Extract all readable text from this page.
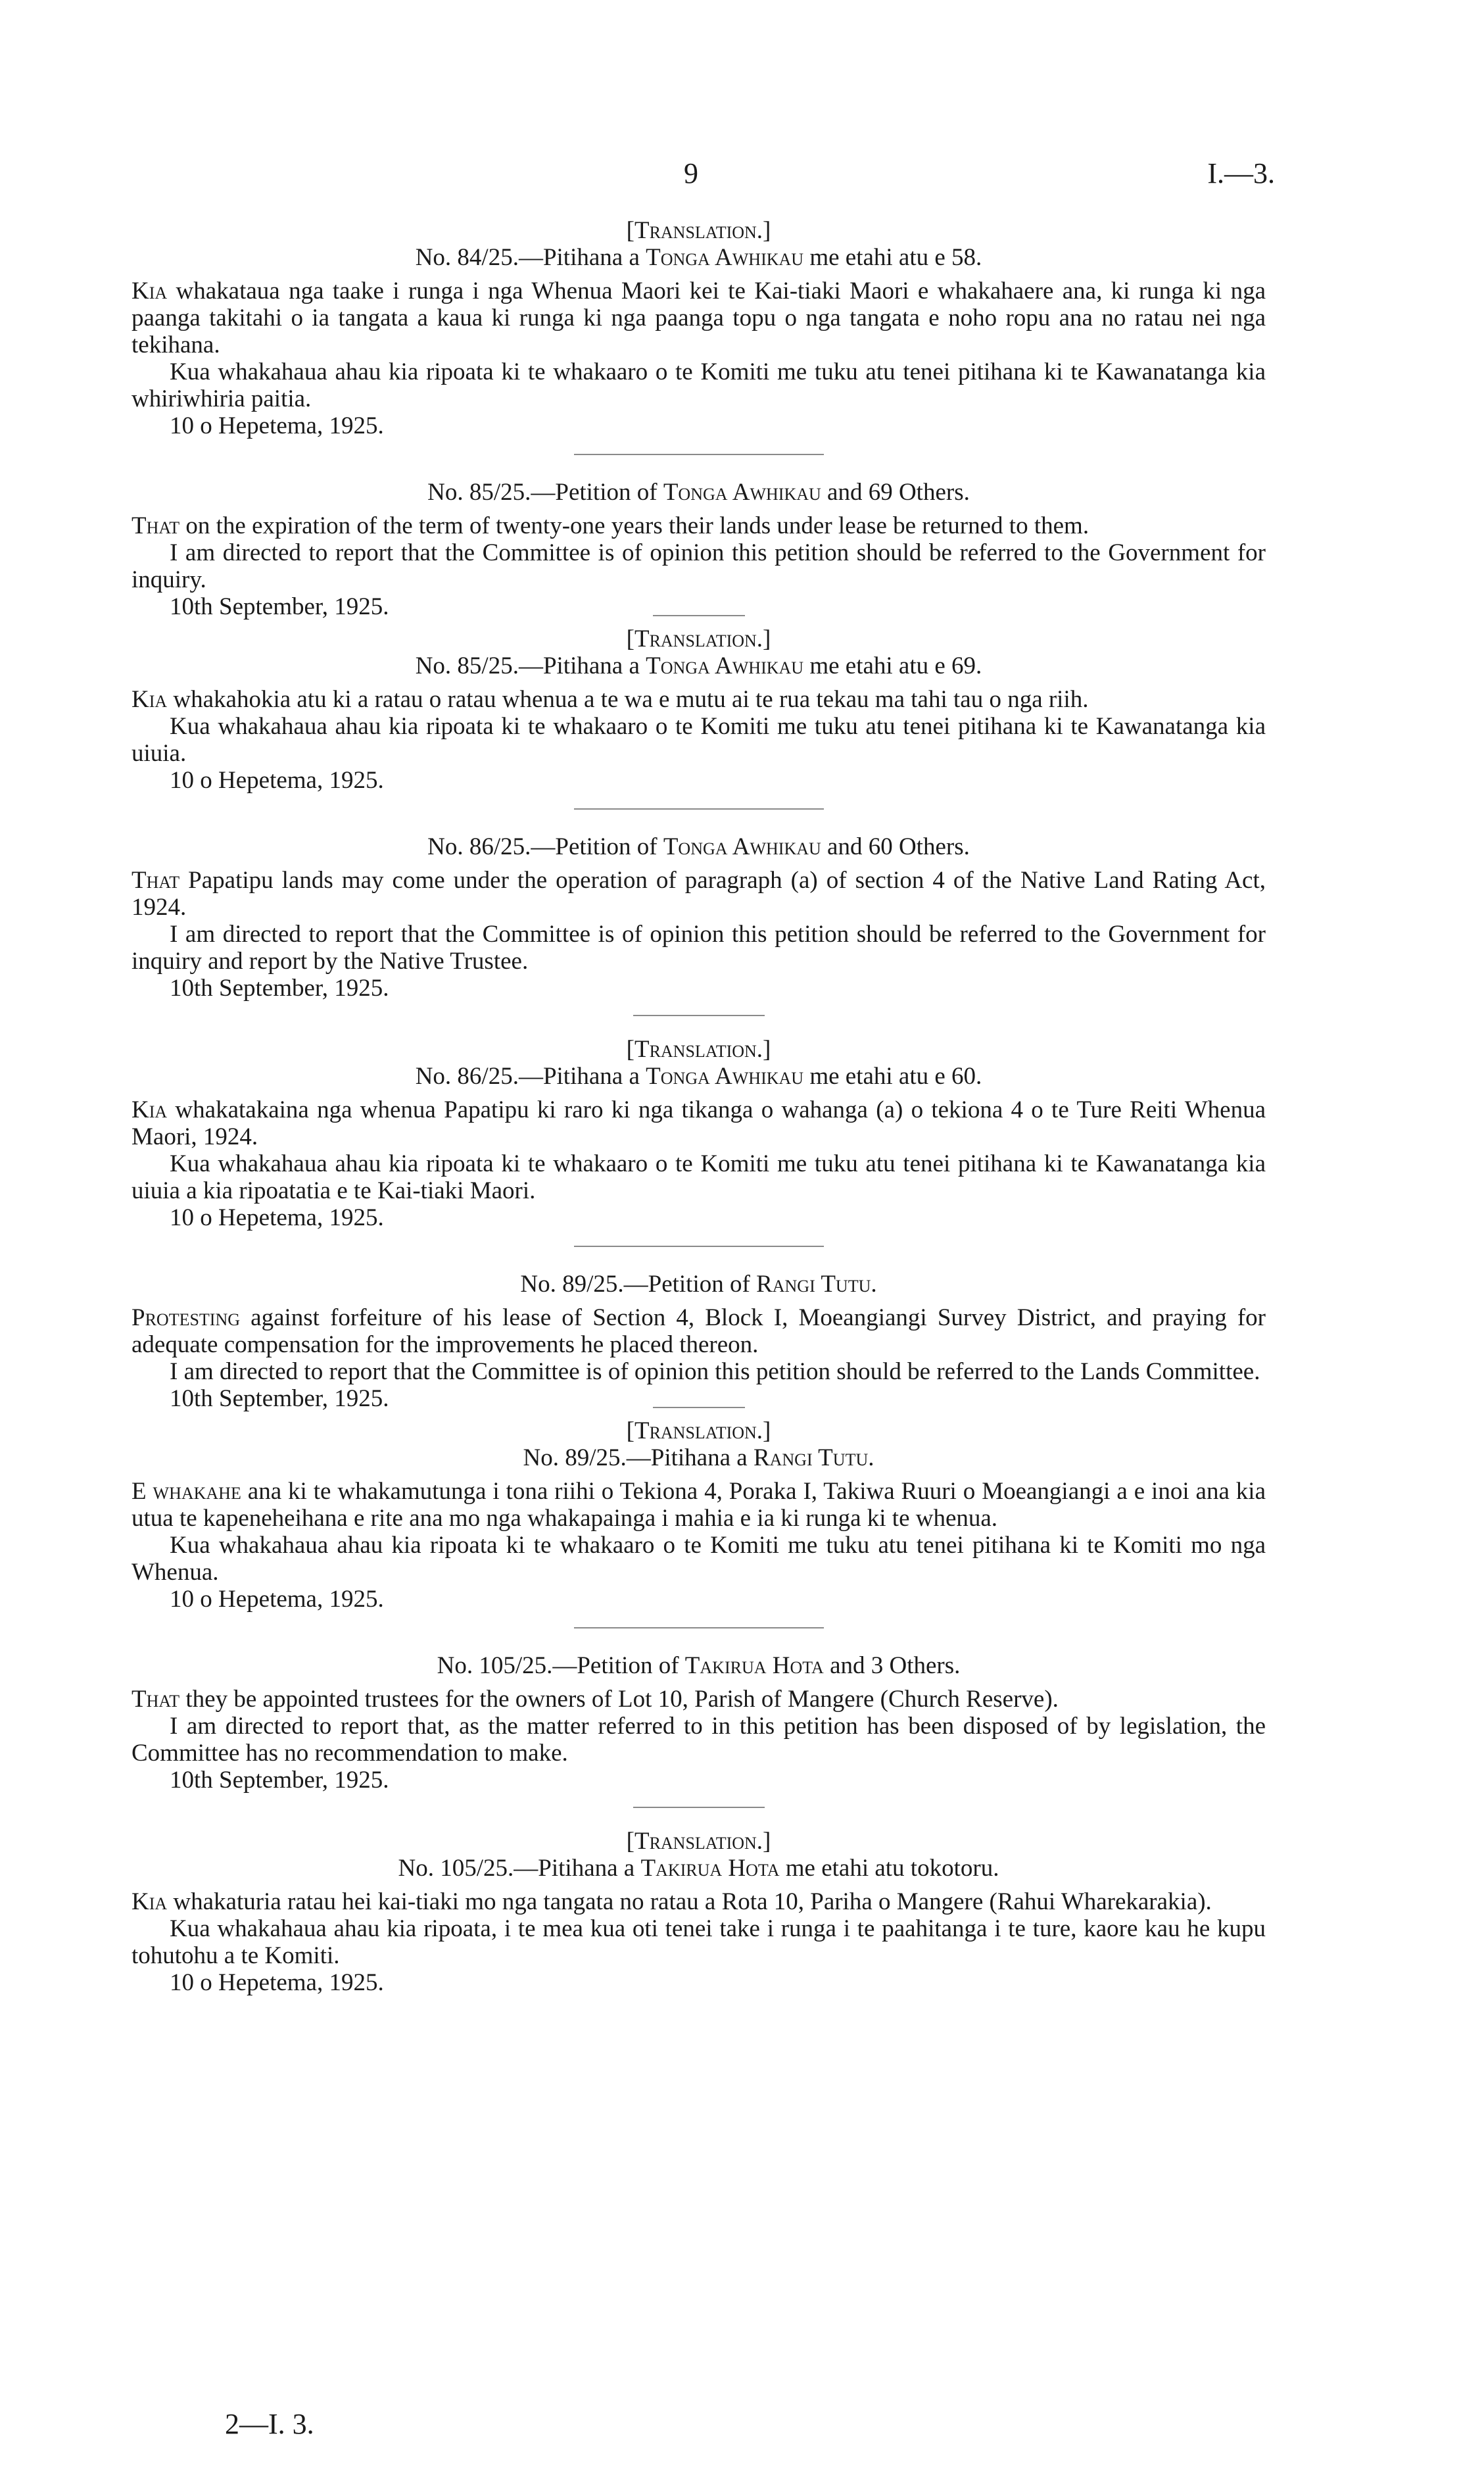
9	I.—3.
[Translation.]
No. 84/25.—Pitihana a Tonga Awhikau me etahi atu e 58.

Kia whakataua nga taake i runga i nga Whenua Maori kei te Kai-tiaki Maori e whakahaere ana, ki runga ki nga paanga takitahi o ia tangata a kaua ki runga ki nga paanga topu o nga tangata e noho ropu ana no ratau nei nga tekihana.

Kua whakahaua ahau kia ripoata ki te whakaaro o te Komiti me tuku atu tenei pitihana ki te Kawanatanga kia whiriwhiria paitia.

10 o Hepetema, 1925.
No. 85/25.—Petition of Tonga Awhikau and 69 Others.

That on the expiration of the term of twenty-one years their lands under lease be returned to them.

I am directed to report that the Committee is of opinion this petition should be referred to the Government for inquiry.

10th September, 1925.
[Translation.]
No. 85/25.—Pitihana a Tonga Awhikau me etahi atu e 69.

Kia whakahokia atu ki a ratau o ratau whenua a te wa e mutu ai te rua tekau ma tahi tau o nga riih.

Kua whakahaua ahau kia ripoata ki te whakaaro o te Komiti me tuku atu tenei pitihana ki te Kawanatanga kia uiuia.

10 o Hepetema, 1925.
No. 86/25.—Petition of Tonga Awhikau and 60 Others.

That Papatipu lands may come under the operation of paragraph (a) of section 4 of the Native Land Rating Act, 1924.

I am directed to report that the Committee is of opinion this petition should be referred to the Government for inquiry and report by the Native Trustee.

10th September, 1925.
[Translation.]
No. 86/25.—Pitihana a Tonga Awhikau me etahi atu e 60.

Kia whakatakaina nga whenua Papatipu ki raro ki nga tikanga o wahanga (a) o tekiona 4 o te Ture Reiti Whenua Maori, 1924.

Kua whakahaua ahau kia ripoata ki te whakaaro o te Komiti me tuku atu tenei pitihana ki te Kawanatanga kia uiuia a kia ripoatatia e te Kai-tiaki Maori.

10 o Hepetema, 1925.
No. 89/25.—Petition of Rangi Tutu.

Protesting against forfeiture of his lease of Section 4, Block I, Moeangiangi Survey District, and praying for adequate compensation for the improvements he placed thereon.

I am directed to report that the Committee is of opinion this petition should be referred to the Lands Committee.

10th September, 1925.
[Translation.]
No. 89/25.—Pitihana a Rangi Tutu.

E whakahe ana ki te whakamutunga i tona riihi o Tekiona 4, Poraka I, Takiwa Ruuri o Moeangiangi a e inoi ana kia utua te kapeneheihana e rite ana mo nga whakapainga i mahia e ia ki runga ki te whenua.

Kua whakahaua ahau kia ripoata ki te whakaaro o te Komiti me tuku atu tenei pitihana ki te Komiti mo nga Whenua.

10 o Hepetema, 1925.
No. 105/25.—Petition of Takirua Hota and 3 Others.

That they be appointed trustees for the owners of Lot 10, Parish of Mangere (Church Reserve).

I am directed to report that, as the matter referred to in this petition has been disposed of by legislation, the Committee has no recommendation to make.

10th September, 1925.
[Translation.]
No. 105/25.—Pitihana a Takirua Hota me etahi atu tokotoru.

Kia whakaturia ratau hei kai-tiaki mo nga tangata no ratau a Rota 10, Pariha o Mangere (Rahui Wharekarakia).

Kua whakahaua ahau kia ripoata, i te mea kua oti tenei take i runga i te paahitanga i te ture, kaore kau he kupu tohutohu a te Komiti.

10 o Hepetema, 1925.
2—I. 3.
